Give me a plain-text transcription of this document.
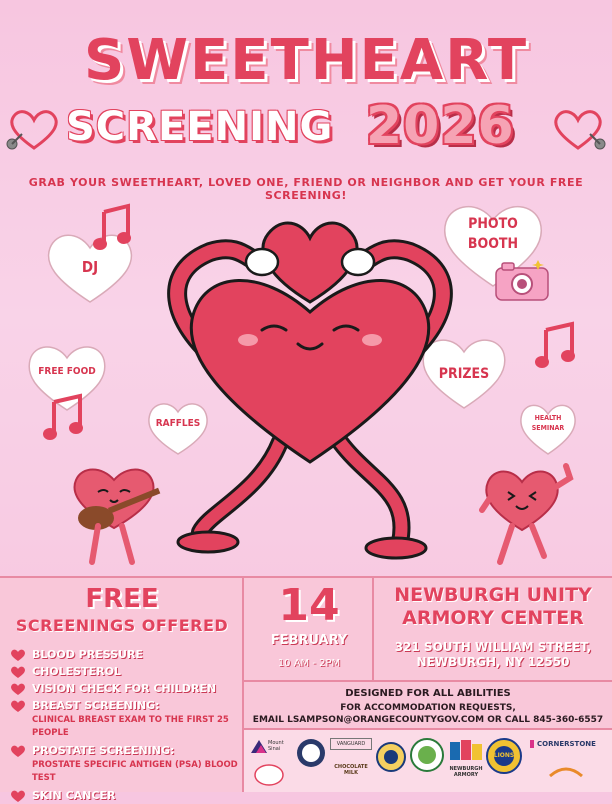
SWEETHEART
SCREENING 2026
GRAB YOUR SWEETHEART, LOVED ONE, FRIEND OR NEIGHBOR AND GET YOUR FREE SCREENING!
DJ
PHOTO
BOOTH
FREE FOOD
RAFFLES
PRIZES
HEALTH
SEMINAR
FREE
SCREENINGS OFFERED
BLOOD PRESSURE
CHOLESTEROL
VISION CHECK FOR CHILDREN
BREAST SCREENING:
CLINICAL BREAST EXAM TO THE FIRST 25 PEOPLE
PROSTATE SCREENING:
PROSTATE SPECIFIC ANTIGEN (PSA) BLOOD TEST
SKIN CANCER
14
FEBRUARY
10 AM - 2PM
NEWBURGH UNITY
ARMORY CENTER
321 SOUTH WILLIAM STREET,
NEWBURGH, NY 12550
DESIGNED FOR ALL ABILITIES
FOR ACCOMMODATION REQUESTS,
EMAIL LSAMPSON@ORANGECOUNTYGOV.COM OR CALL 845-360-6557
Mount Sinai
VANGUARD
CHOCOLATE MILK
NEWBURGH ARMORY
LIONS
CORNERSTONE
